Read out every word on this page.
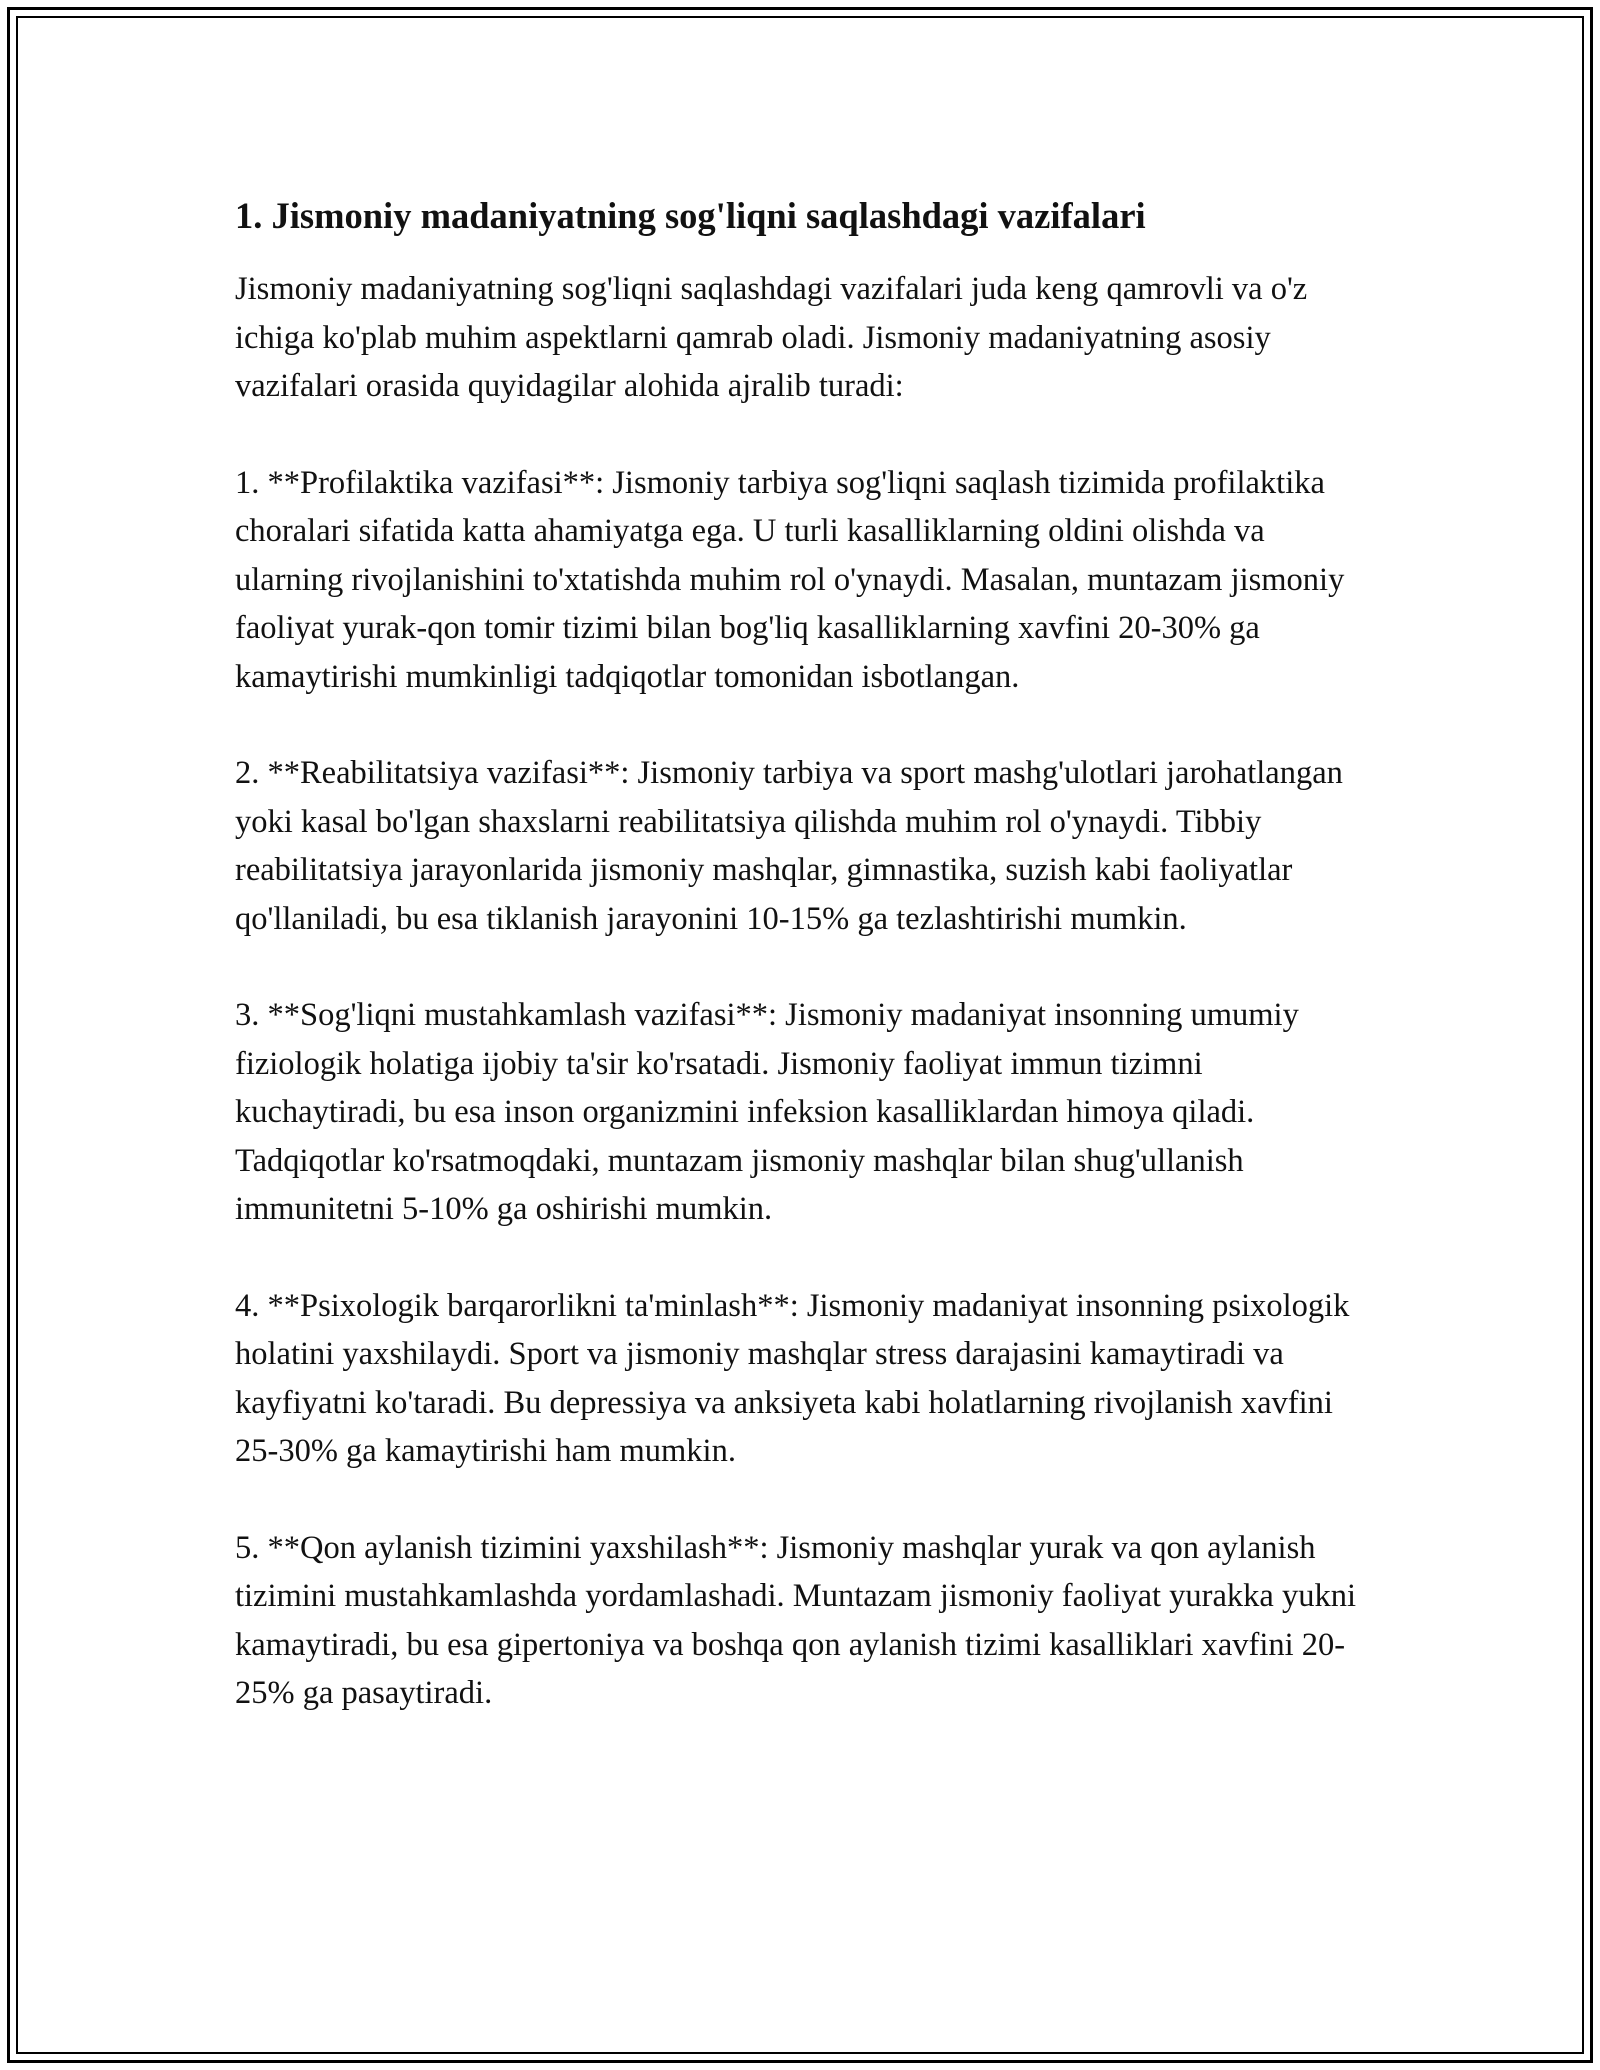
1. Jismoniy madaniyatning sog'liqni saqlashdagi vazifalari

Jismoniy madaniyatning sog'liqni saqlashdagi vazifalari juda keng qamrovli va o'z ichiga ko'plab muhim aspektlarni qamrab oladi. Jismoniy madaniyatning asosiy vazifalari orasida quyidagilar alohida ajralib turadi:

1. **Profilaktika vazifasi**: Jismoniy tarbiya sog'liqni saqlash tizimida profilaktika choralari sifatida katta ahamiyatga ega. U turli kasalliklarning oldini olishda va ularning rivojlanishini to'xtatishda muhim rol o'ynaydi. Masalan, muntazam jismoniy faoliyat yurak-qon tomir tizimi bilan bog'liq kasalliklarning xavfini 20-30% ga kamaytirishi mumkinligi tadqiqotlar tomonidan isbotlangan.

2. **Reabilitatsiya vazifasi**: Jismoniy tarbiya va sport mashg'ulotlari jarohatlangan yoki kasal bo'lgan shaxslarni reabilitatsiya qilishda muhim rol o'ynaydi. Tibbiy reabilitatsiya jarayonlarida jismoniy mashqlar, gimnastika, suzish kabi faoliyatlar qo'llaniladi, bu esa tiklanish jarayonini 10-15% ga tezlashtirishi mumkin.

3. **Sog'liqni mustahkamlash vazifasi**: Jismoniy madaniyat insonning umumiy fiziologik holatiga ijobiy ta'sir ko'rsatadi. Jismoniy faoliyat immun tizimni kuchaytiradi, bu esa inson organizmini infeksion kasalliklardan himoya qiladi. Tadqiqotlar ko'rsatmoqdaki, muntazam jismoniy mashqlar bilan shug'ullanish immunitetni 5-10% ga oshirishi mumkin.

4. **Psixologik barqarorlikni ta'minlash**: Jismoniy madaniyat insonning psixologik holatini yaxshilaydi. Sport va jismoniy mashqlar stress darajasini kamaytiradi va kayfiyatni ko'taradi. Bu depressiya va anksiyeta kabi holatlarning rivojlanish xavfini 25-30% ga kamaytirishi ham mumkin.

5. **Qon aylanish tizimini yaxshilash**: Jismoniy mashqlar yurak va qon aylanish tizimini mustahkamlashda yordamlashadi. Muntazam jismoniy faoliyat yurakka yukni kamaytiradi, bu esa gipertoniya va boshqa qon aylanish tizimi kasalliklari xavfini 20-25% ga pasaytiradi.
